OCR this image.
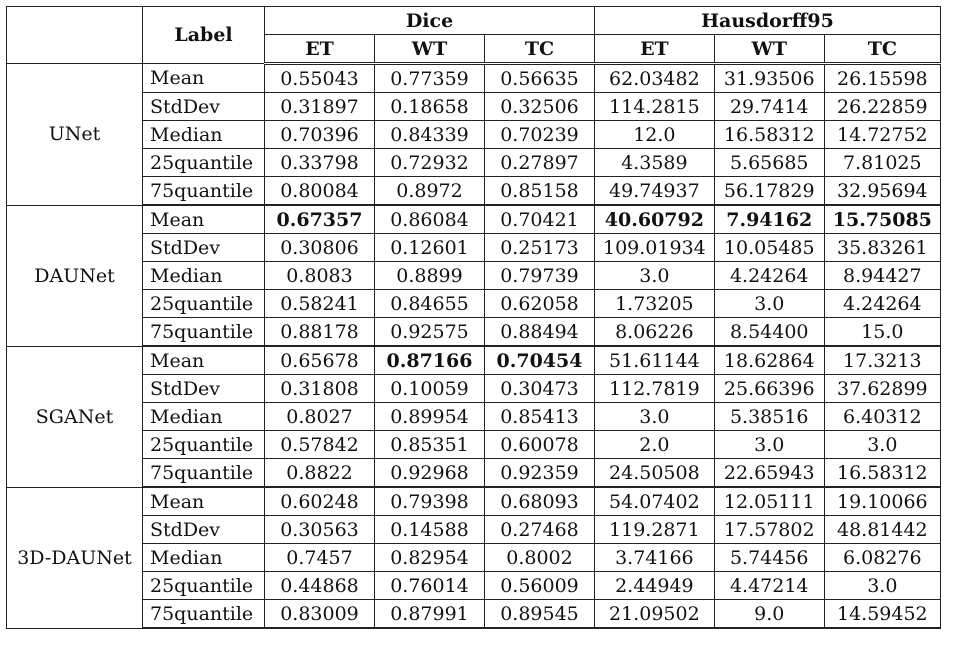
	Label	Dice			Hausdorff95		
		ET	WT	TC	ET	WT	TC
UNet	Mean	0.55043	0.77359	0.56635	62.03482	31.93506	26.15598
	StdDev	0.31897	0.18658	0.32506	114.2815	29.7414	26.22859
	Median	0.70396	0.84339	0.70239	12.0	16.58312	14.72752
	25quantile	0.33798	0.72932	0.27897	4.3589	5.65685	7.81025
	75quantile	0.80084	0.8972	0.85158	49.74937	56.17829	32.95694
DAUNet	Mean	0.67357	0.86084	0.70421	40.60792	7.94162	15.75085
	StdDev	0.30806	0.12601	0.25173	109.01934	10.05485	35.83261
	Median	0.8083	0.8899	0.79739	3.0	4.24264	8.94427
	25quantile	0.58241	0.84655	0.62058	1.73205	3.0	4.24264
	75quantile	0.88178	0.92575	0.88494	8.06226	8.54400	15.0
SGANet	Mean	0.65678	0.87166	0.70454	51.61144	18.62864	17.3213
	StdDev	0.31808	0.10059	0.30473	112.7819	25.66396	37.62899
	Median	0.8027	0.89954	0.85413	3.0	5.38516	6.40312
	25quantile	0.57842	0.85351	0.60078	2.0	3.0	3.0
	75quantile	0.8822	0.92968	0.92359	24.50508	22.65943	16.58312
3D-DAUNet	Mean	0.60248	0.79398	0.68093	54.07402	12.05111	19.10066
	StdDev	0.30563	0.14588	0.27468	119.2871	17.57802	48.81442
	Median	0.7457	0.82954	0.8002	3.74166	5.74456	6.08276
	25quantile	0.44868	0.76014	0.56009	2.44949	4.47214	3.0
	75quantile	0.83009	0.87991	0.89545	21.09502	9.0	14.59452
